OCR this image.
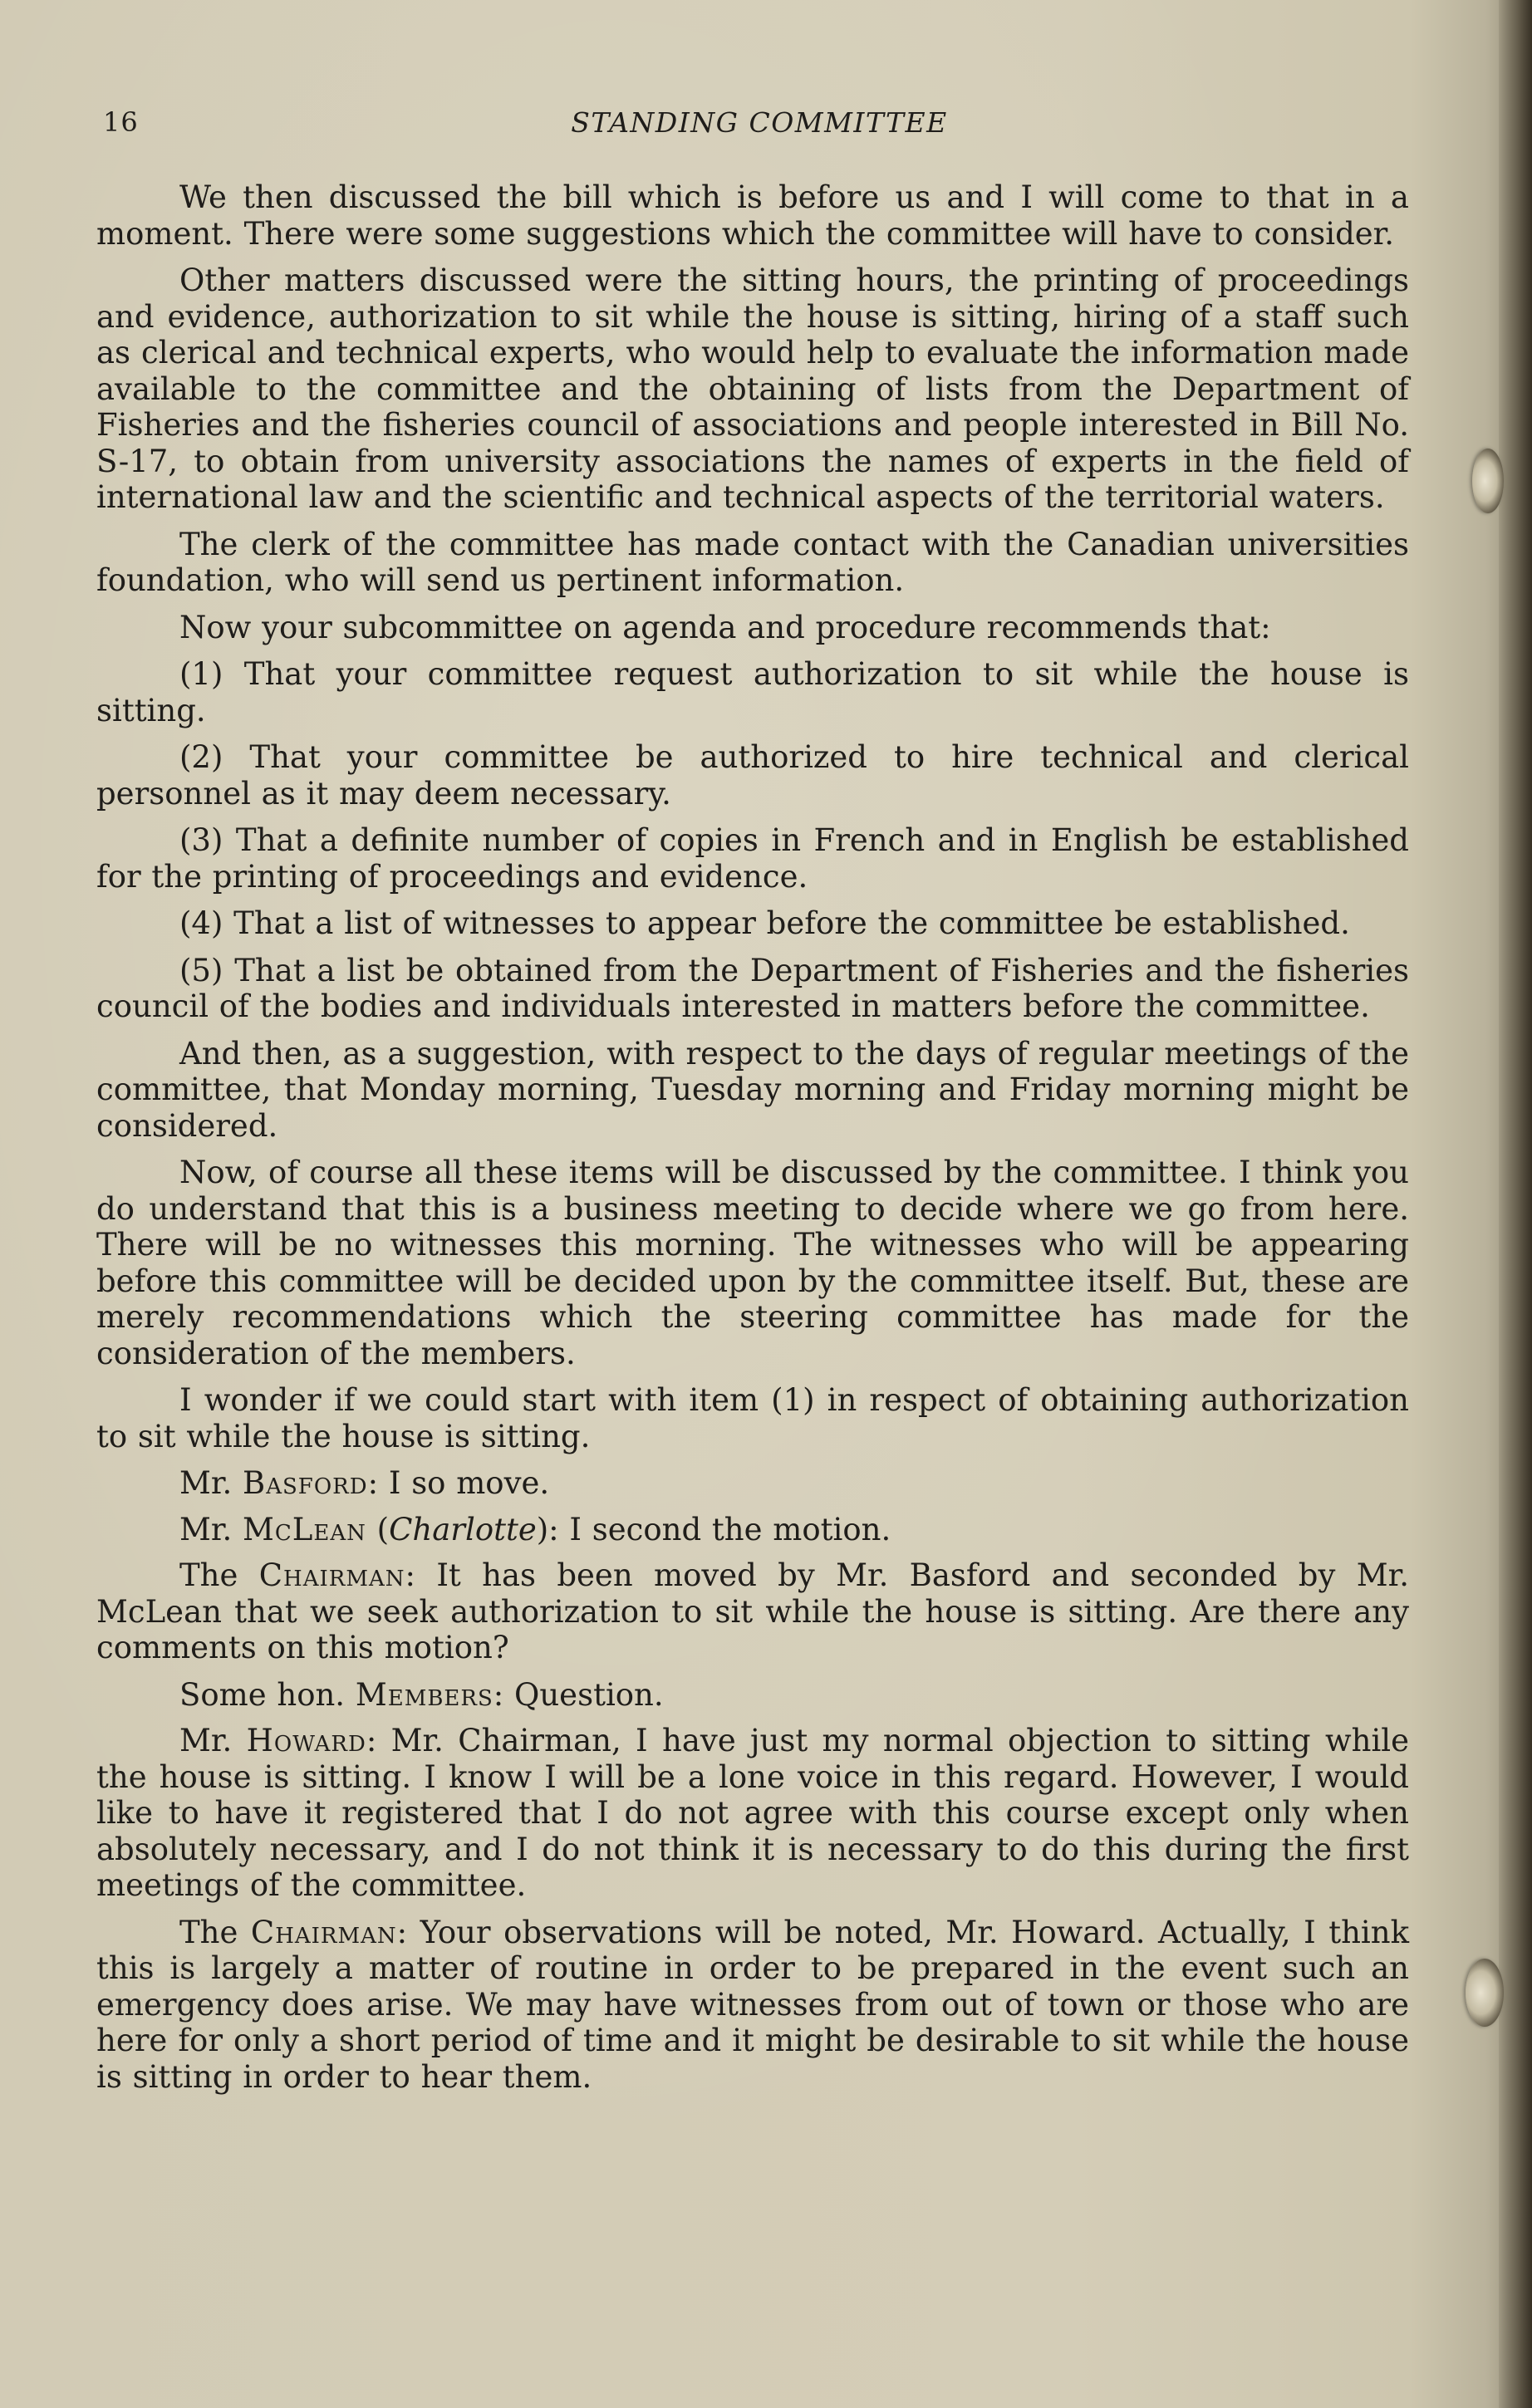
16	STANDING COMMITTEE

We then discussed the bill which is before us and I will come to that in a moment. There were some suggestions which the committee will have to consider.

Other matters discussed were the sitting hours, the printing of proceedings and evidence, authorization to sit while the house is sitting, hiring of a staff such as clerical and technical experts, who would help to evaluate the information made available to the committee and the obtaining of lists from the Department of Fisheries and the fisheries council of associations and people interested in Bill No. S-17, to obtain from university associations the names of experts in the field of international law and the scientific and technical aspects of the territorial waters.

The clerk of the committee has made contact with the Canadian universities foundation, who will send us pertinent information.

Now your subcommittee on agenda and procedure recommends that:

(1) That your committee request authorization to sit while the house is sitting.

(2) That your committee be authorized to hire technical and clerical personnel as it may deem necessary.

(3) That a definite number of copies in French and in English be established for the printing of proceedings and evidence.

(4) That a list of witnesses to appear before the committee be established.

(5) That a list be obtained from the Department of Fisheries and the fisheries council of the bodies and individuals interested in matters before the committee.

And then, as a suggestion, with respect to the days of regular meetings of the committee, that Monday morning, Tuesday morning and Friday morning might be considered.

Now, of course all these items will be discussed by the committee. I think you do understand that this is a business meeting to decide where we go from here. There will be no witnesses this morning. The witnesses who will be appearing before this committee will be decided upon by the committee itself. But, these are merely recommendations which the steering committee has made for the consideration of the members.

I wonder if we could start with item (1) in respect of obtaining authorization to sit while the house is sitting.

Mr. Basford: I so move.

Mr. McLean (Charlotte): I second the motion.

The Chairman: It has been moved by Mr. Basford and seconded by Mr. McLean that we seek authorization to sit while the house is sitting. Are there any comments on this motion?

Some hon. Members: Question.

Mr. Howard: Mr. Chairman, I have just my normal objection to sitting while the house is sitting. I know I will be a lone voice in this regard. However, I would like to have it registered that I do not agree with this course except only when absolutely necessary, and I do not think it is necessary to do this during the first meetings of the committee.

The Chairman: Your observations will be noted, Mr. Howard. Actually, I think this is largely a matter of routine in order to be prepared in the event such an emergency does arise. We may have witnesses from out of town or those who are here for only a short period of time and it might be desirable to sit while the house is sitting in order to hear them.
